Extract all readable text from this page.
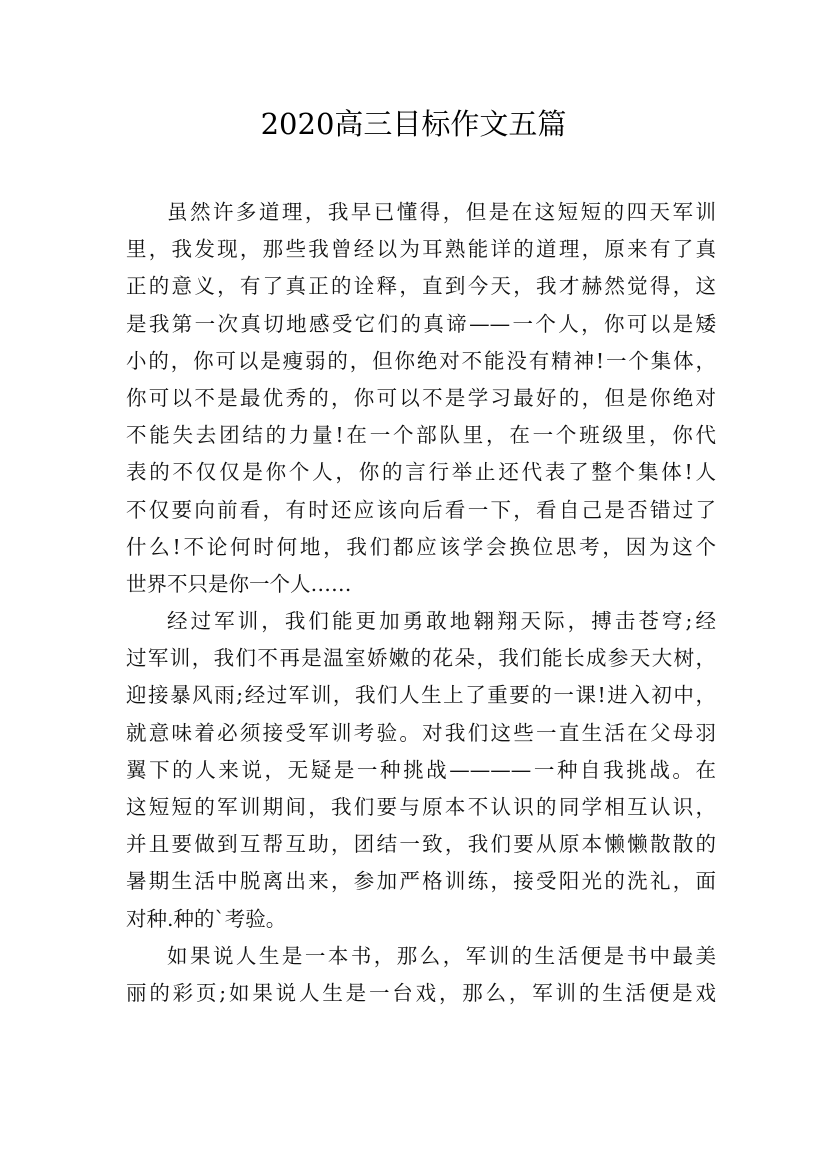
2020高三目标作文五篇
虽然许多道理，我早已懂得，但是在这短短的四天军训
里，我发现，那些我曾经以为耳熟能详的道理，原来有了真
正的意义，有了真正的诠释，直到今天，我才赫然觉得，这
是我第一次真切地感受它们的真谛——一个人，你可以是矮
小的，你可以是瘦弱的，但你绝对不能没有精神!一个集体，
你可以不是最优秀的，你可以不是学习最好的，但是你绝对
不能失去团结的力量!在一个部队里，在一个班级里，你代
表的不仅仅是你个人，你的言行举止还代表了整个集体!人
不仅要向前看，有时还应该向后看一下，看自己是否错过了
什么!不论何时何地，我们都应该学会换位思考，因为这个
世界不只是你一个人……
经过军训，我们能更加勇敢地翱翔天际，搏击苍穹;经
过军训，我们不再是温室娇嫩的花朵，我们能长成参天大树，
迎接暴风雨;经过军训，我们人生上了重要的一课!进入初中，
就意味着必须接受军训考验。对我们这些一直生活在父母羽
翼下的人来说，无疑是一种挑战————一种自我挑战。在
这短短的军训期间，我们要与原本不认识的同学相互认识，
并且要做到互帮互助，团结一致，我们要从原本懒懒散散的
暑期生活中脱离出来，参加严格训练，接受阳光的洗礼，面
对种.种的`考验。
如果说人生是一本书，那么，军训的生活便是书中最美
丽的彩页;如果说人生是一台戏，那么，军训的生活便是戏
